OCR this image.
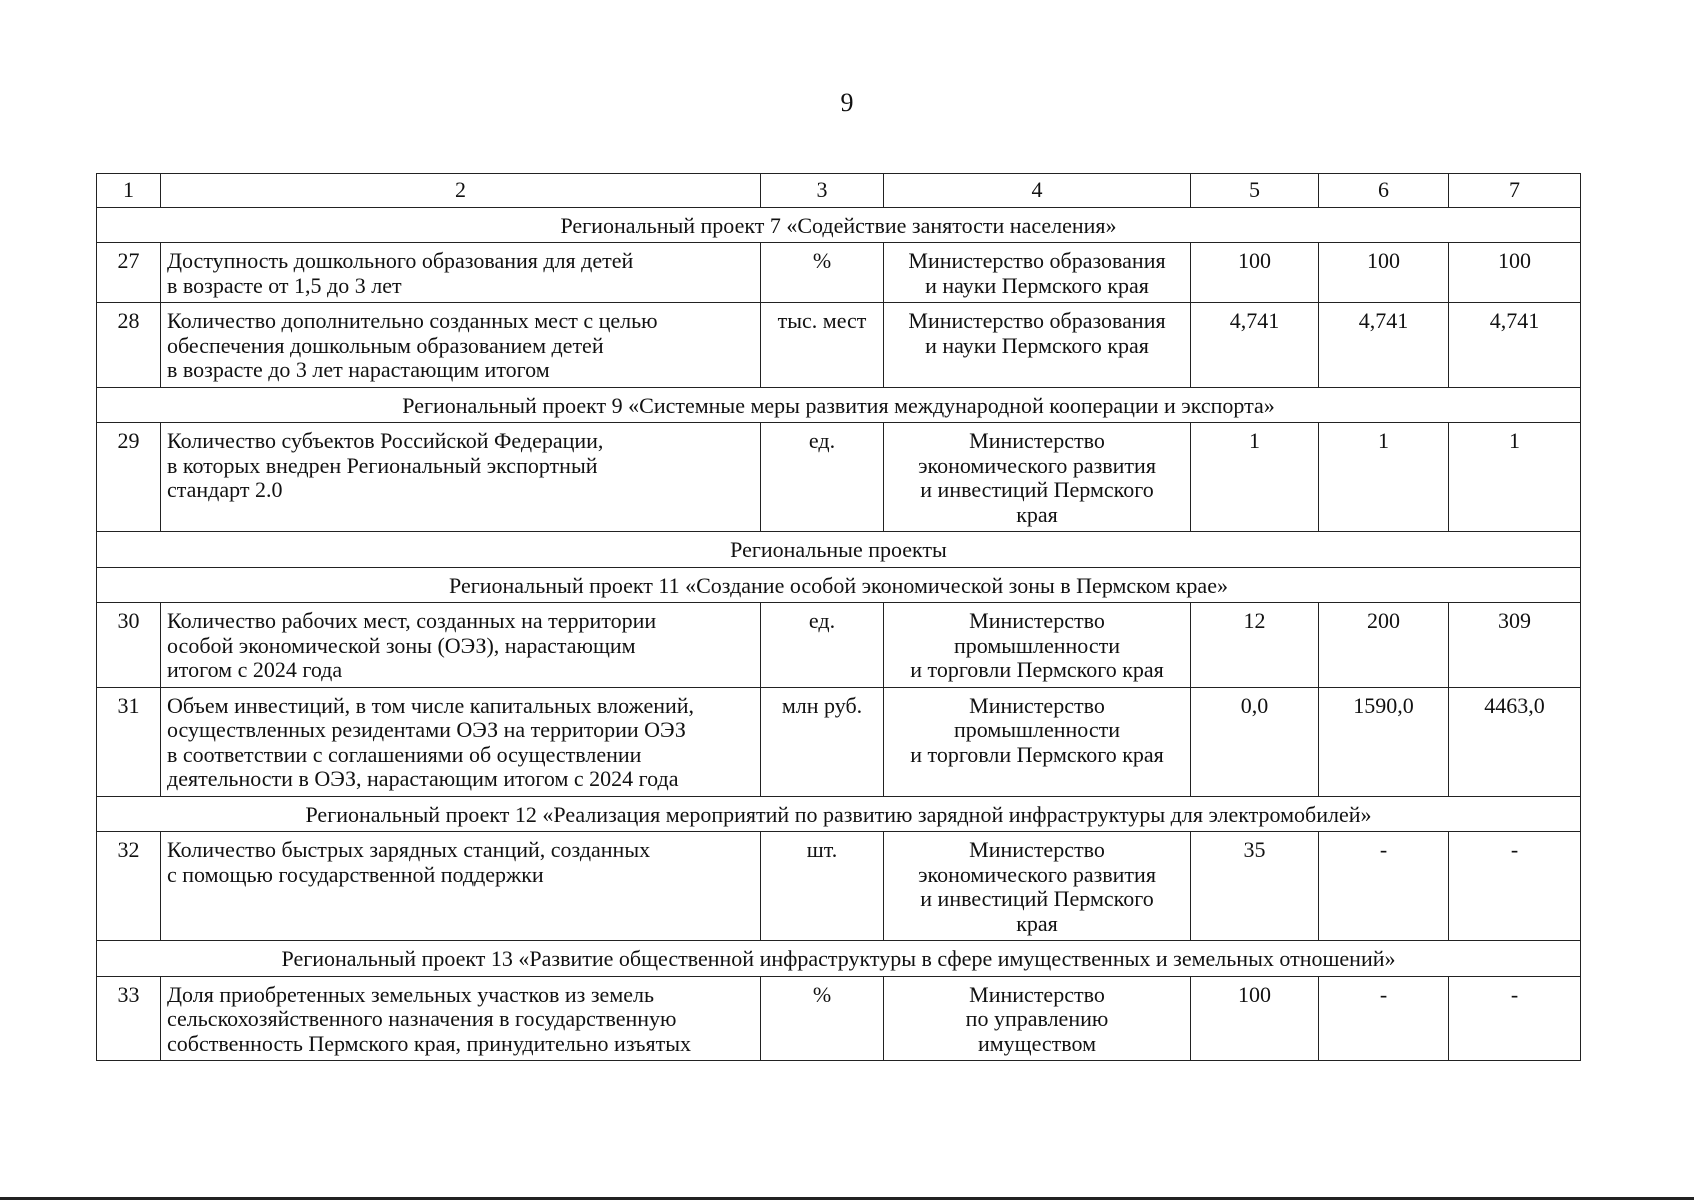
9
1	2	3	4	5	6	7
Региональный проект 7 «Содействие занятости населения»						
27	Доступность дошкольного образования для детей
в возрасте от 1,5 до 3 лет	%	Министерство образования
и науки Пермского края	100	100	100
28	Количество дополнительно созданных мест с целью
обеспечения дошкольным образованием детей
в возрасте до 3 лет нарастающим итогом	тыс. мест	Министерство образования
и науки Пермского края	4,741	4,741	4,741
Региональный проект 9 «Системные меры развития международной кооперации и экспорта»						
29	Количество субъектов Российской Федерации,
в которых внедрен Региональный экспортный
стандарт 2.0	ед.	Министерство
экономического развития
и инвестиций Пермского
края	1	1	1
Региональные проекты						
Региональный проект 11 «Создание особой экономической зоны в Пермском крае»						
30	Количество рабочих мест, созданных на территории
особой экономической зоны (ОЭЗ), нарастающим
итогом с 2024 года	ед.	Министерство
промышленности
и торговли Пермского края	12	200	309
31	Объем инвестиций, в том числе капитальных вложений,
осуществленных резидентами ОЭЗ на территории ОЭЗ
в соответствии с соглашениями об осуществлении
деятельности в ОЭЗ, нарастающим итогом с 2024 года	млн руб.	Министерство
промышленности
и торговли Пермского края	0,0	1590,0	4463,0
Региональный проект 12 «Реализация мероприятий по развитию зарядной инфраструктуры для электромобилей»						
32	Количество быстрых зарядных станций, созданных
с помощью государственной поддержки	шт.	Министерство
экономического развития
и инвестиций Пермского
края	35	-	-
Региональный проект 13 «Развитие общественной инфраструктуры в сфере имущественных и земельных отношений»						
33	Доля приобретенных земельных участков из земель
сельскохозяйственного назначения в государственную
собственность Пермского края, принудительно изъятых	%	Министерство
по управлению
имуществом	100	-	-
